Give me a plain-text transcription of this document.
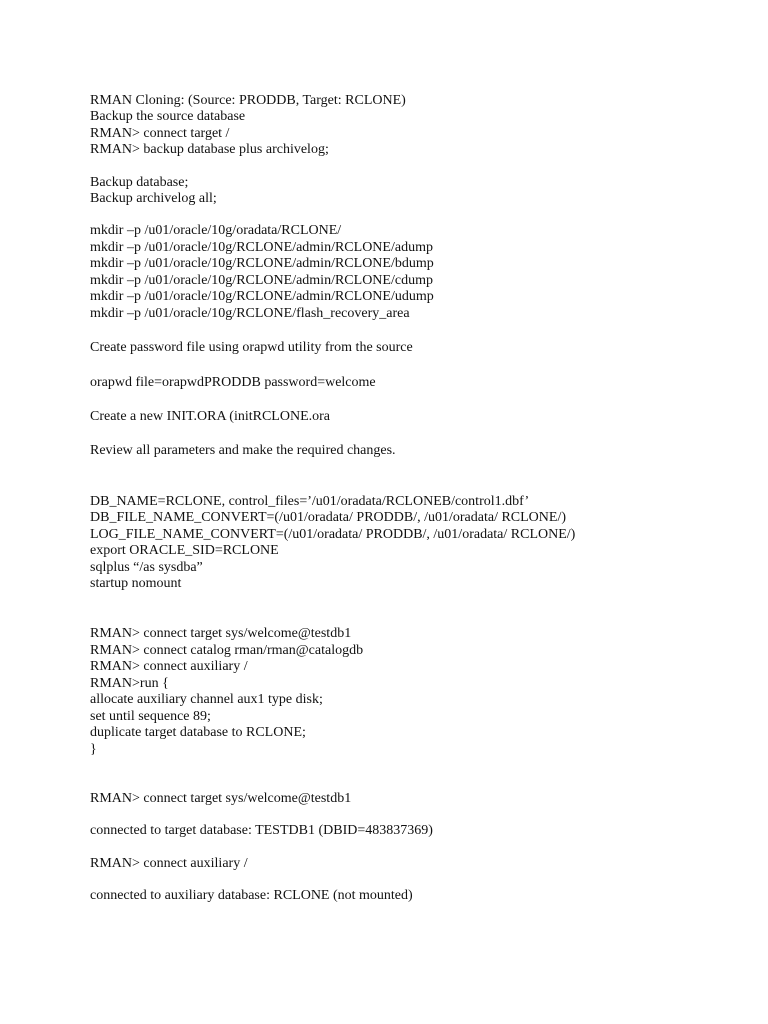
RMAN Cloning: (Source: PRODDB, Target: RCLONE)
Backup the source database
RMAN> connect target /
RMAN> backup database plus archivelog;
Backup database;
Backup archivelog all;
mkdir –p /u01/oracle/10g/oradata/RCLONE/
mkdir –p /u01/oracle/10g/RCLONE/admin/RCLONE/adump
mkdir –p /u01/oracle/10g/RCLONE/admin/RCLONE/bdump
mkdir –p /u01/oracle/10g/RCLONE/admin/RCLONE/cdump
mkdir –p /u01/oracle/10g/RCLONE/admin/RCLONE/udump
mkdir –p /u01/oracle/10g/RCLONE/flash_recovery_area
Create password file using orapwd utility from the source
orapwd file=orapwdPRODDB password=welcome
Create a new INIT.ORA (initRCLONE.ora
Review all parameters and make the required changes.
DB_NAME=RCLONE, control_files=’/u01/oradata/RCLONEB/control1.dbf’
DB_FILE_NAME_CONVERT=(/u01/oradata/ PRODDB/, /u01/oradata/ RCLONE/)
LOG_FILE_NAME_CONVERT=(/u01/oradata/ PRODDB/, /u01/oradata/ RCLONE/)
export ORACLE_SID=RCLONE
sqlplus “/as sysdba”
startup nomount
RMAN> connect target sys/welcome@testdb1
RMAN> connect catalog rman/rman@catalogdb
RMAN> connect auxiliary /
RMAN>run {
allocate auxiliary channel aux1 type disk;
set until sequence 89;
duplicate target database to RCLONE;
}
RMAN> connect target sys/welcome@testdb1
connected to target database: TESTDB1 (DBID=483837369)
RMAN> connect auxiliary /
connected to auxiliary database: RCLONE (not mounted)
